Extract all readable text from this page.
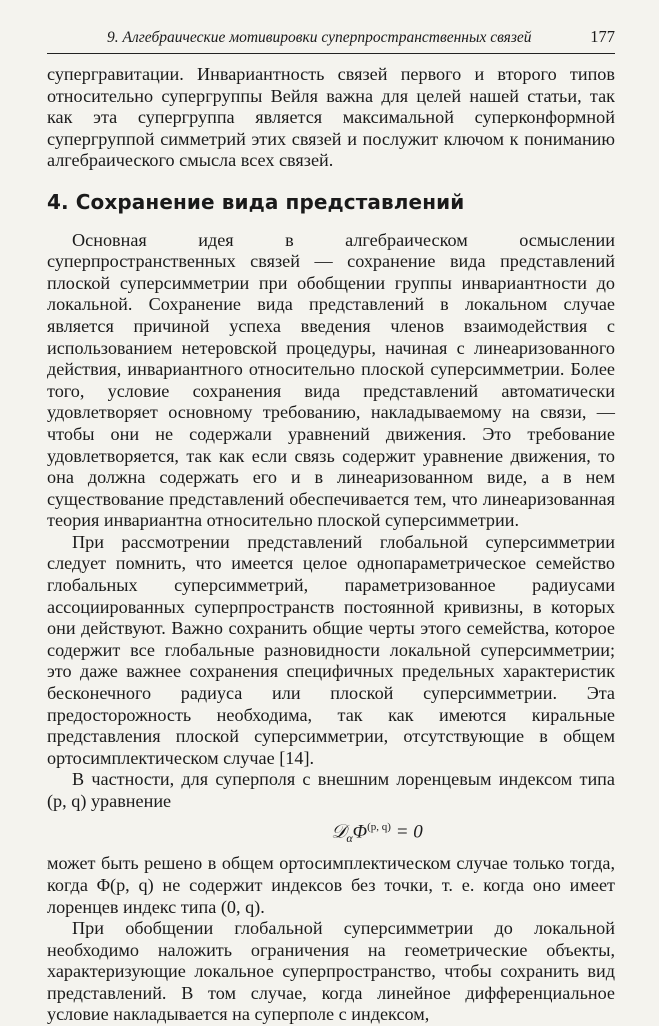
9. Алгебраические мотивировки суперпространственных связей	177

супергравитации. Инвариантность связей первого и второго типов относительно супергруппы Вейля важна для целей нашей статьи, так как эта супергруппа является максимальной суперконформной супергруппой симметрий этих связей и послужит ключом к пониманию алгебраического смысла всех связей.

4. Сохранение вида представлений

Основная идея в алгебраическом осмыслении суперпространственных связей — сохранение вида представлений плоской суперсимметрии при обобщении группы инвариантности до локальной. Сохранение вида представлений в локальном случае является причиной успеха введения членов взаимодействия с использованием нетеровской процедуры, начиная с линеаризованного действия, инвариантного относительно плоской суперсимметрии. Более того, условие сохранения вида представлений автоматически удовлетворяет основному требованию, накладываемому на связи, — чтобы они не содержали уравнений движения. Это требование удовлетворяется, так как если связь содержит уравнение движения, то она должна содержать его и в линеаризованном виде, а в нем существование представлений обеспечивается тем, что линеаризованная теория инвариантна относительно плоской суперсимметрии.

При рассмотрении представлений глобальной суперсимметрии следует помнить, что имеется целое однопараметрическое семейство глобальных суперсимметрий, параметризованное радиусами ассоциированных суперпространств постоянной кривизны, в которых они действуют. Важно сохранить общие черты этого семейства, которое содержит все глобальные разновидности локальной суперсимметрии; это даже важнее сохранения специфичных предельных характеристик бесконечного радиуса или плоской суперсимметрии. Эта предосторожность необходима, так как имеются киральные представления плоской суперсимметрии, отсутствующие в общем ортосимплектическом случае [14].

В частности, для суперполя с внешним лоренцевым индексом типа (p, q) уравнение

$𝒟_\alpha\Phi^{(p, q)} = 0$

может быть решено в общем ортосимплектическом случае только тогда, когда Φ(p, q) не содержит индексов без точки, т. е. когда оно имеет лоренцев индекс типа (0, q).

При обобщении глобальной суперсимметрии до локальной необходимо наложить ограничения на геометрические объекты, характеризующие локальное суперпространство, чтобы сохранить вид представлений. В том случае, когда линейное дифференциальное условие накладывается на суперполе с индексом,
